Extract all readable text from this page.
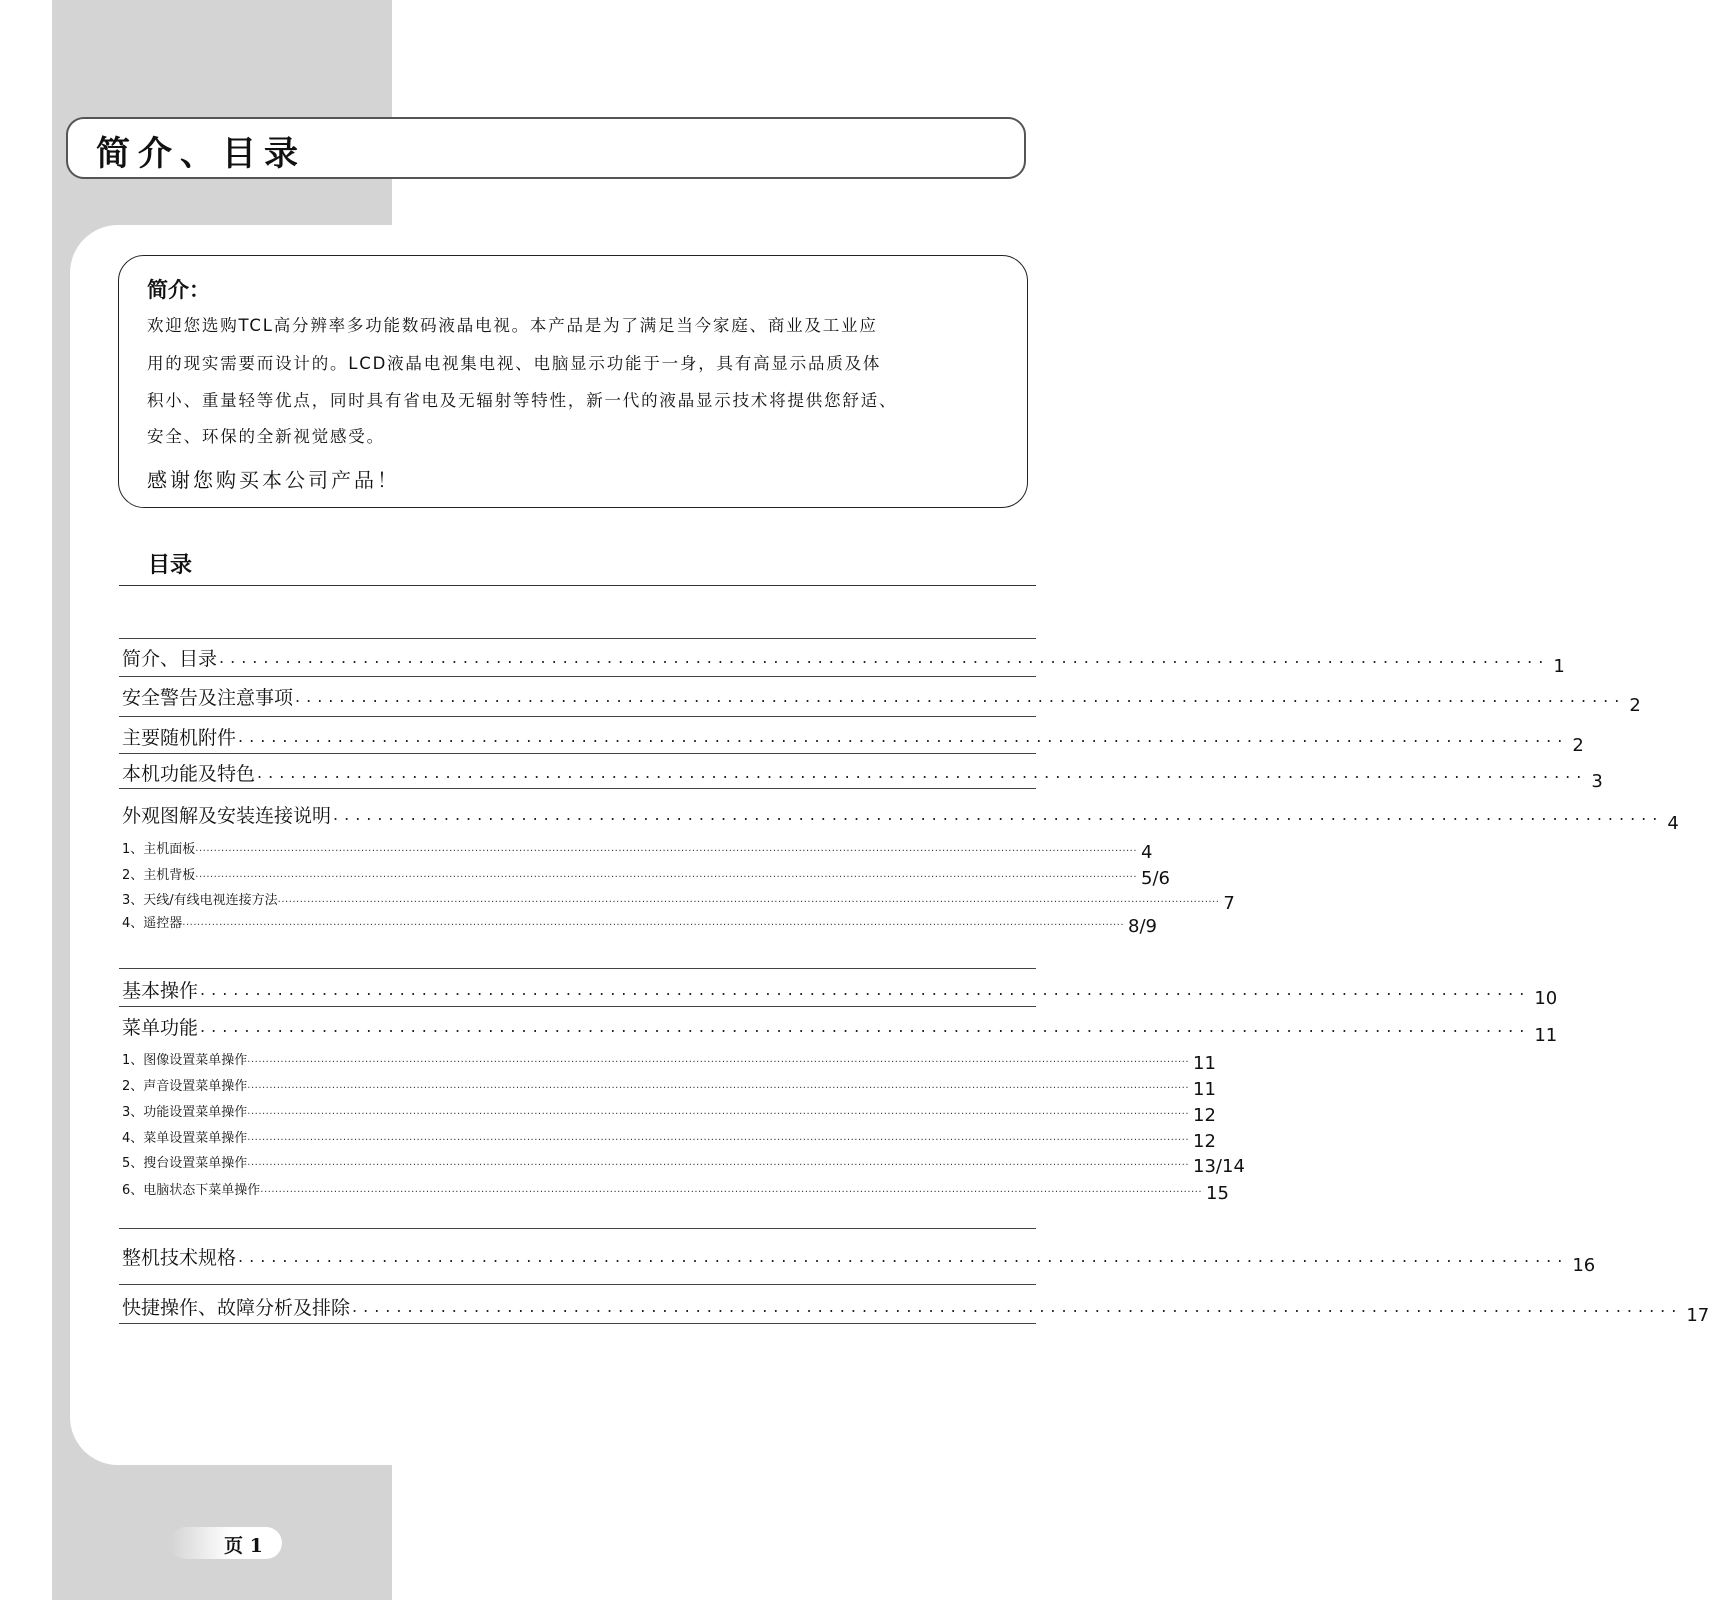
简介、目录
简介：
欢迎您选购TCL高分辨率多功能数码液晶电视。本产品是为了满足当今家庭、商业及工业应
用的现实需要而设计的。LCD液晶电视集电视、电脑显示功能于一身，具有高显示品质及体
积小、重量轻等优点，同时具有省电及无辐射等特性，新一代的液晶显示技术将提供您舒适、
安全、环保的全新视觉感受。
感谢您购买本公司产品！
目录
简介、目录 ........................................................................................................................ 1
安全警告及注意事项 ........................................................................................................................ 2
主要随机附件 ........................................................................................................................ 2
本机功能及特色 ........................................................................................................................ 3
外观图解及安装连接说明 ........................................................................................................................ 4
1、主机面板 ................................................................................................................................................................................................................................................................ 4
2、主机背板 ................................................................................................................................................................................................................................................................ 5/6
3、天线/有线电视连接方法 ................................................................................................................................................................................................................................................................ 7
4、遥控器 ................................................................................................................................................................................................................................................................ 8/9
基本操作 ........................................................................................................................ 10
菜单功能 ........................................................................................................................ 11
1、图像设置菜单操作 ................................................................................................................................................................................................................................................................ 11
2、声音设置菜单操作 ................................................................................................................................................................................................................................................................ 11
3、功能设置菜单操作 ................................................................................................................................................................................................................................................................ 12
4、菜单设置菜单操作 ................................................................................................................................................................................................................................................................ 12
5、搜台设置菜单操作 ................................................................................................................................................................................................................................................................ 13/14
6、电脑状态下菜单操作 ................................................................................................................................................................................................................................................................ 15
整机技术规格 ........................................................................................................................ 16
快捷操作、故障分析及排除 ........................................................................................................................ 17
页 1
